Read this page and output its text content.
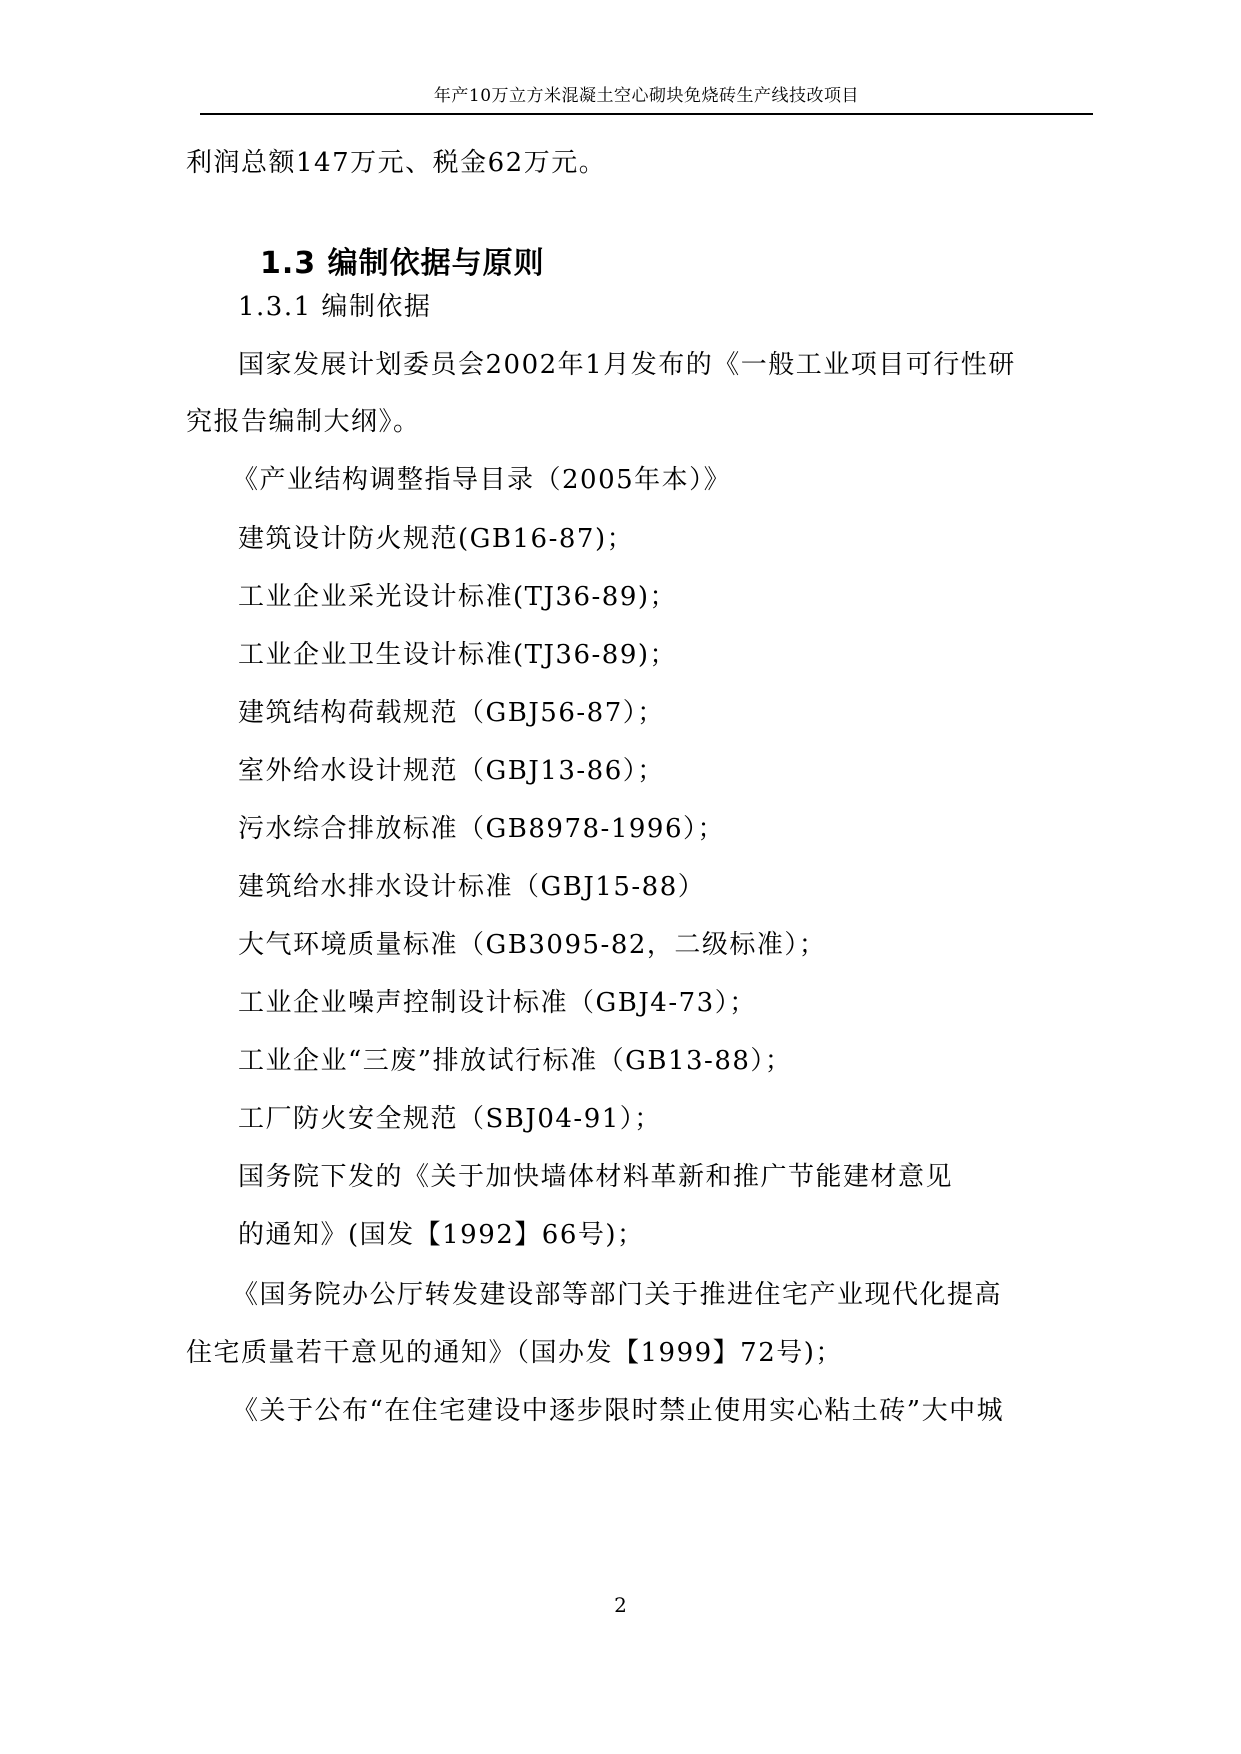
年产10万立方米混凝土空心砌块免烧砖生产线技改项目
利润总额147万元、税金62万元。
1.3 编制依据与原则
1.3.1 编制依据
国家发展计划委员会2002年1月发布的《一般工业项目可行性研
究报告编制大纲》。
《产业结构调整指导目录（2005年本）》
建筑设计防火规范(GB16-87)；
工业企业采光设计标准(TJ36-89)；
工业企业卫生设计标准(TJ36-89)；
建筑结构荷载规范（GBJ56-87）；
室外给水设计规范（GBJ13-86）；
污水综合排放标准（GB8978-1996）；
建筑给水排水设计标准（GBJ15-88）
大气环境质量标准（GB3095-82，二级标准）；
工业企业噪声控制设计标准（GBJ4-73）；
工业企业“三废”排放试行标准（GB13-88）；
工厂防火安全规范（SBJ04-91）；
国务院下发的《关于加快墙体材料革新和推广节能建材意见
的通知》(国发【1992】66号)；
《国务院办公厅转发建设部等部门关于推进住宅产业现代化提高
住宅质量若干意见的通知》（国办发【1999】72号)；
《关于公布“在住宅建设中逐步限时禁止使用实心粘土砖”大中城
2
